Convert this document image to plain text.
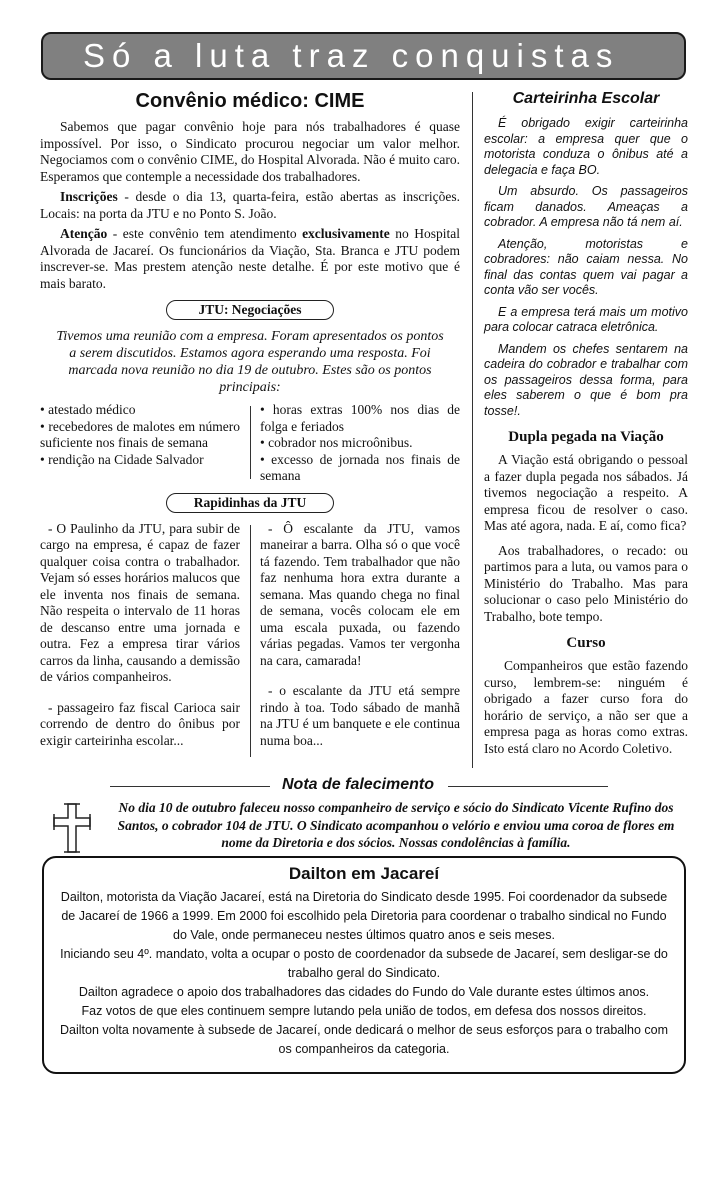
Só a luta traz conquistas
Convênio médico: CIME

Sabemos que pagar convênio hoje para nós trabalhadores é quase impossível. Por isso, o Sindicato procurou negociar um valor melhor. Negociamos com o convênio CIME, do Hospital Alvorada. Não é muito caro. Esperamos que contemple a necessidade dos trabalhadores.

Inscrições - desde o dia 13, quarta-feira, estão abertas as inscrições. Locais: na porta da JTU e no Ponto S. João.

Atenção - este convênio tem atendimento exclusivamente no Hospital Alvorada de Jacareí. Os funcionários da Viação, Sta. Branca e JTU podem inscrever-se. Mas prestem atenção neste detalhe. É por este motivo que é mais barato.

JTU: Negociações

Tivemos uma reunião com a empresa. Foram apresentados os pontos a serem discutidos. Estamos agora esperando uma resposta. Foi marcada nova reunião no dia 19 de outubro. Estes são os pontos principais:

• atestado médico

• recebedores de malotes em número suficiente nos finais de semana

• rendição na Cidade Salvador

• horas extras 100% nos dias de folga e feriados

• cobrador nos microônibus.

• excesso de jornada nos finais de semana

Rapidinhas da JTU

- O Paulinho da JTU, para subir de cargo na empresa, é capaz de fazer qualquer coisa contra o trabalhador. Vejam só esses horários malucos que ele inventa nos finais de semana. Não respeita o intervalo de 11 horas de descanso entre uma jornada e outra. Fez a empresa tirar vários carros da linha, causando a demissão de vários companheiros.

- passageiro faz fiscal Carioca sair correndo de dentro do ônibus por exigir carteirinha escolar...

- Ô escalante da JTU, vamos maneirar a barra. Olha só o que você tá fazendo. Tem trabalhador que não faz nenhuma hora extra durante a semana. Mas quando chega no final de semana, vocês colocam ele em uma escala puxada, ou fazendo várias pegadas. Vamos ter vergonha na cara, camarada!

- o escalante da JTU etá sempre rindo à toa. Todo sábado de manhã na JTU é um banquete e ele continua numa boa...

Carteirinha Escolar

É obrigado exigir carteirinha escolar: a empresa quer que o motorista conduza o ônibus até a delegacia e faça BO.

Um absurdo. Os passageiros ficam danados. Ameaças a cobrador. A empresa não tá nem aí.

Atenção, motoristas e cobradores: não caiam nessa. No final das contas quem vai pagar a conta vão ser vocês.

E a empresa terá mais um motivo para colocar catraca eletrônica.

Mandem os chefes sentarem na cadeira do cobrador e trabalhar com os passageiros dessa forma, para eles saberem o que é bom pra tosse!.

Dupla pegada na Viação

A Viação está obrigando o pessoal a fazer dupla pegada nos sábados. Já tivemos negociação a respeito. A empresa ficou de resolver o caso. Mas até agora, nada. E aí, como fica?

Aos trabalhadores, o recado: ou partimos para a luta, ou vamos para o Ministério do Trabalho. Mas para solucionar o caso pelo Ministério do Trabalho, bote tempo.

Curso

Companheiros que estão fazendo curso, lembrem-se: ninguém é obrigado a fazer curso fora do horário de serviço, a não ser que a empresa paga as horas como extras. Isto está claro no Acordo Coletivo.

Nota de falecimento
No dia 10 de outubro faleceu nosso companheiro de serviço e sócio do Sindicato Vicente Rufino dos Santos, o cobrador 104 de JTU. O Sindicato acompanhou o velório e enviou uma coroa de flores em nome da Diretoria e dos sócios. Nossas condolências à família.
Dailton em Jacareí

Dailton, motorista da Viação Jacareí, está na Diretoria do Sindicato desde 1995. Foi coordenador da subsede de Jacareí de 1966 a 1999. Em 2000 foi escolhido pela Diretoria para coordenar o trabalho sindical no Fundo do Vale, onde permaneceu nestes últimos quatro anos e seis meses.

Iniciando seu 4º. mandato, volta a ocupar o posto de coordenador da subsede de Jacareí, sem desligar-se do trabalho geral do Sindicato.

Dailton agradece o apoio dos trabalhadores das cidades do Fundo do Vale durante estes últimos anos.

Faz votos de que eles continuem sempre lutando pela união de todos, em defesa dos nossos direitos.

Dailton volta novamente à subsede de Jacareí, onde dedicará o melhor de seus esforços para o trabalho com os companheiros da categoria.
